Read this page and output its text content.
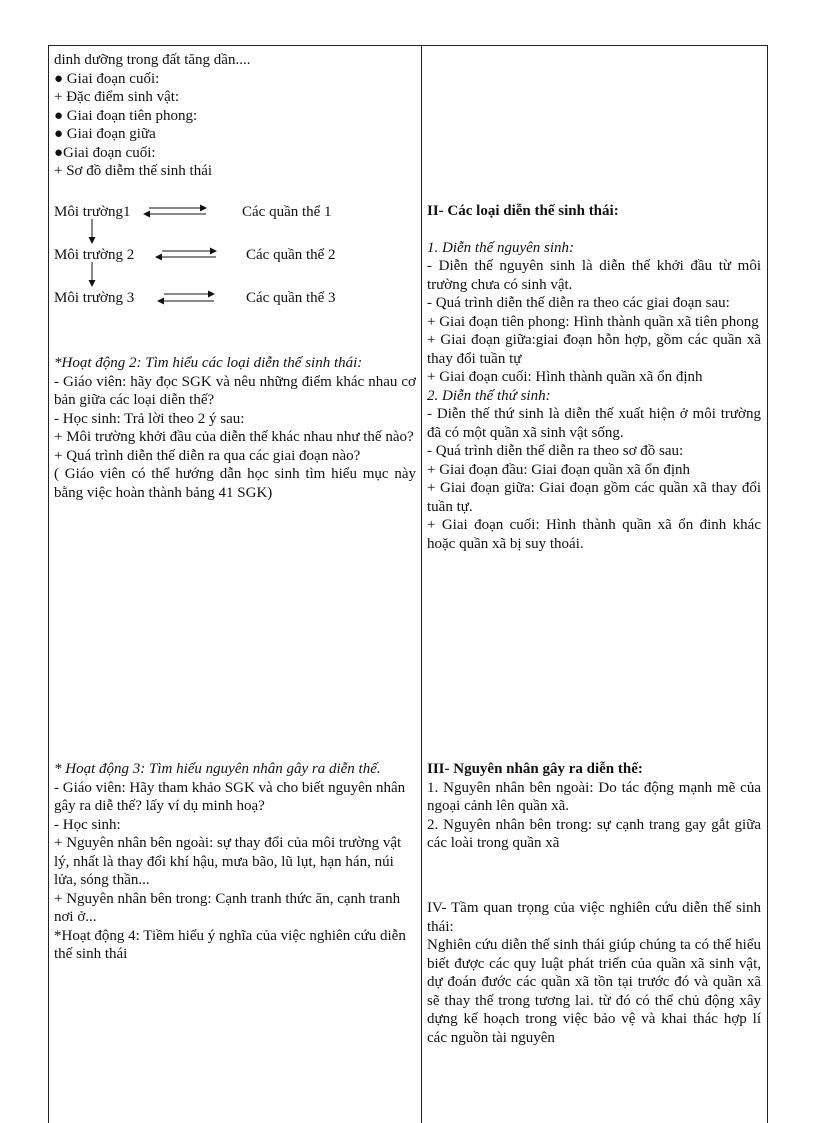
dinh dưỡng trong đất tăng dần....
● Giai đoạn cuối:
+ Đặc điểm sinh vật:
● Giai đoạn tiên phong:
● Giai đoạn giữa
●Giai đoạn cuối:
+ Sơ đồ diễm thế sinh thái
Môi trường1	Các quần thể 1
Môi trường 2	Các quần thể 2
Môi trường 3	Các quần thể 3
*Hoạt động 2: Tìm hiểu các loại diễn thế sinh thái:
- Giáo viên: hãy đọc SGK và nêu những điểm khác nhau cơ bản giữa các loại diễn thế?
- Học sinh: Trả lời theo 2 ý sau:
+ Môi trường khởi đầu của diễn thế khác nhau như thế nào?
+ Quá trình diễn thế diễn ra qua các giai đoạn nào?
( Giáo viên có thể hướng dẫn học sinh tìm hiểu mục này bằng việc hoàn thành bảng 41 SGK)
* Hoạt động 3: Tìm hiểu nguyên nhân gây ra diễn thế.
- Giáo viên: Hãy tham khảo SGK và cho biết nguyên nhân gây ra diễ thế? lấy ví dụ minh hoạ?
- Học sinh:
+ Nguyên nhân bên ngoài: sự thay đổi của môi trường vật lý, nhất là thay đổi khí hậu, mưa bão, lũ lụt, hạn hán, núi lửa, sóng thần...
+ Nguyên nhân bên trong: Cạnh tranh thức ăn, cạnh tranh nơi ở...
*Hoạt động 4: Tiềm hiểu ý nghĩa của việc nghiên cứu diễn thế sinh thái
II- Các loại diễn thế sinh thái:
1. Diễn thế nguyên sinh:
- Diễn thế nguyên sinh là diễn thế khởi đầu từ môi trường chưa có sinh vật.
- Quá trình diễn thế diễn ra theo các giai đoạn sau:
+ Giai đoạn tiên phong: Hình thành quần xã tiên phong
+ Giai đoạn giữa:giai đoạn hỗn hợp, gồm các quần xã thay đổi tuần tự
+ Giai đoạn cuối: Hình thành quần xã ổn định
2. Diễn thế thứ sinh:
- Diễn thế thứ sinh là diễn thế xuất hiện ở môi trường đã có một quần xã sinh vật sống.
- Quá trình diễn thế diễn ra theo sơ đồ sau:
+ Giai đoạn đầu: Giai đoạn quần xã ổn định
+ Giai đoạn giữa: Giai đoạn gồm các quần xã thay đổi tuần tự.
+ Giai đoạn cuối: Hình thành quần xã ổn đinh khác hoặc quần xã bị suy thoái.
III- Nguyên nhân gây ra diễn thế:
1. Nguyên nhân bên ngoài: Do tác động mạnh mẽ của ngoại cảnh lên quần xã.
2. Nguyên nhân bên trong: sự cạnh trang gay gắt giữa các loài trong quần xã
IV- Tầm quan trọng của việc nghiên cứu diễn thế sinh thái:
Nghiên cứu diễn thế sinh thái giúp chúng ta có thể hiểu biết được các quy luật phát triển của quần xã sinh vật, dự đoán đước các quần xã tồn tại trước đó và quần xã sẽ thay thế trong tương lai. từ đó có thể chủ động xây dựng kế hoạch trong việc bảo vệ và khai thác hợp lí các nguồn tài nguyên
